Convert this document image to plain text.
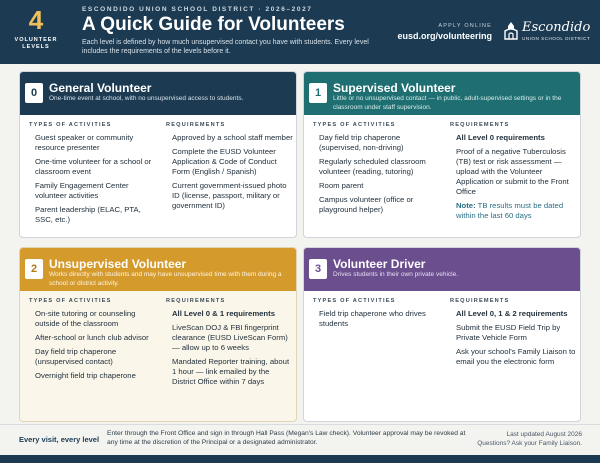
4
VOLUNTEER LEVELS
ESCONDIDO UNION SCHOOL DISTRICT · 2026–2027
A Quick Guide for Volunteers
Each level is defined by how much unsupervised contact you have with students. Every level includes the requirements of the levels before it.
APPLY ONLINE
eusd.org/volunteering
Escondido
UNION SCHOOL DISTRICT
0 General Volunteer
One-time event at school, with no unsupervised access to students.
TYPES OF ACTIVITIES	REQUIREMENTS
Guest speaker or community resource presenter
One-time volunteer for a school or classroom event
Family Engagement Center volunteer activities
Parent leadership (ELAC, PTA, SSC, etc.)
Approved by a school staff member
Complete the EUSD Volunteer Application & Code of Conduct Form (English / Spanish)
Current government-issued photo ID (license, passport, military or government ID)
1 Supervised Volunteer
Little or no unsupervised contact — in public, adult-supervised settings or in the classroom under staff supervision.
TYPES OF ACTIVITIES	REQUIREMENTS
Day field trip chaperone (supervised, non-driving)
Regularly scheduled classroom volunteer (reading, tutoring)
Room parent
Campus volunteer (office or playground helper)
All Level 0 requirements
Proof of a negative Tuberculosis (TB) test or risk assessment — upload with the Volunteer Application or submit to the Front Office
Note: TB results must be dated within the last 60 days
2 Unsupervised Volunteer
Works directly with students and may have unsupervised time with them during a school or district activity.
TYPES OF ACTIVITIES	REQUIREMENTS
On-site tutoring or counseling outside of the classroom
After-school or lunch club advisor
Day field trip chaperone (unsupervised contact)
Overnight field trip chaperone
All Level 0 & 1 requirements
LiveScan DOJ & FBI fingerprint clearance (EUSD LiveScan Form) — allow up to 6 weeks
Mandated Reporter training, about 1 hour — link emailed by the District Office within 7 days
3 Volunteer Driver
Drives students in their own private vehicle.
TYPES OF ACTIVITIES	REQUIREMENTS
Field trip chaperone who drives students
All Level 0, 1 & 2 requirements
Submit the EUSD Field Trip by Private Vehicle Form
Ask your school's Family Liaison to email you the electronic form
Every visit, every level
Enter through the Front Office and sign in through Hall Pass (Megan's Law check). Volunteer approval may be revoked at any time at the discretion of the Principal or a designated administrator.
Last updated August 2026
Questions? Ask your Family Liaison.
